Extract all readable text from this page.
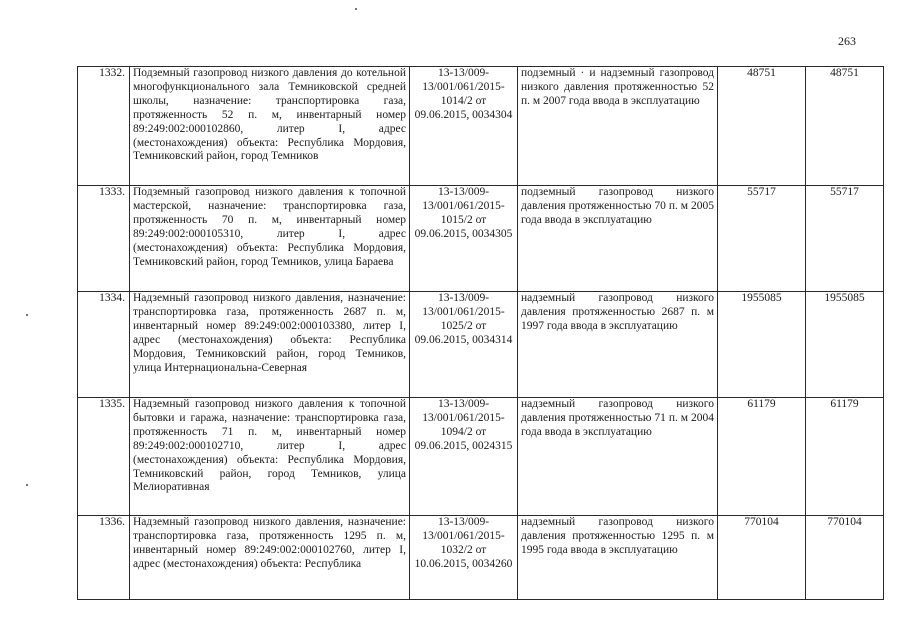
263
1332.	Подземный газопровод низкого давления до котельной многофункционального зала Темниковской средней школы, назначение: транспортировка газа, протяженность 52 п. м, инвентарный номер 89:249:002:000102860, литер I, адрес (местонахождения) объекта: Республика Мордовия, Темниковский район, город Темников	13-13/009-13/001/061/2015-1014/2 от 09.06.2015, 0034304	подземный · и надземный газопровод низкого давления протяженностью 52 п. м 2007 года ввода в эксплуатацию	48751	48751
1333.	Подземный газопровод низкого давления к топочной мастерской, назначение: транспортировка газа, протяженность 70 п. м, инвентарный номер 89:249:002:000105310, литер I, адрес (местонахождения) объекта: Республика Мордовия, Темниковский район, город Темников, улица Бараева	13-13/009-13/001/061/2015-1015/2 от 09.06.2015, 0034305	подземный газопровод низкого давления протяженностью 70 п. м 2005 года ввода в эксплуатацию	55717	55717
1334.	Надземный газопровод низкого давления, назначение: транспортировка газа, протяженность 2687 п. м, инвентарный номер 89:249:002:000103380, литер I, адрес (местонахождения) объекта: Республика Мордовия, Темниковский район, город Темников, улица Интернациональна-Северная	13-13/009-13/001/061/2015-1025/2 от 09.06.2015, 0034314	надземный газопровод низкого давления протяженностью 2687 п. м 1997 года ввода в эксплуатацию	1955085	1955085
1335.	Надземный газопровод низкого давления к топочной бытовки и гаража, назначение: транспортировка газа, протяженность 71 п. м, инвентарный номер 89:249:002:000102710, литер I, адрес (местонахождения) объекта: Республика Мордовия, Темниковский район, город Темников, улица Мелиоративная	13-13/009-13/001/061/2015-1094/2 от 09.06.2015, 0024315	надземный газопровод низкого давления протяженностью 71 п. м 2004 года ввода в эксплуатацию	61179	61179
1336.	Надземный газопровод низкого давления, назначение: транспортировка газа, протяженность 1295 п. м, инвентарный номер 89:249:002:000102760, литер I, адрес (местонахождения) объекта: Республика	13-13/009-13/001/061/2015-1032/2 от 10.06.2015, 0034260	надземный газопровод низкого давления протяженностью 1295 п. м 1995 года ввода в эксплуатацию	770104	770104
